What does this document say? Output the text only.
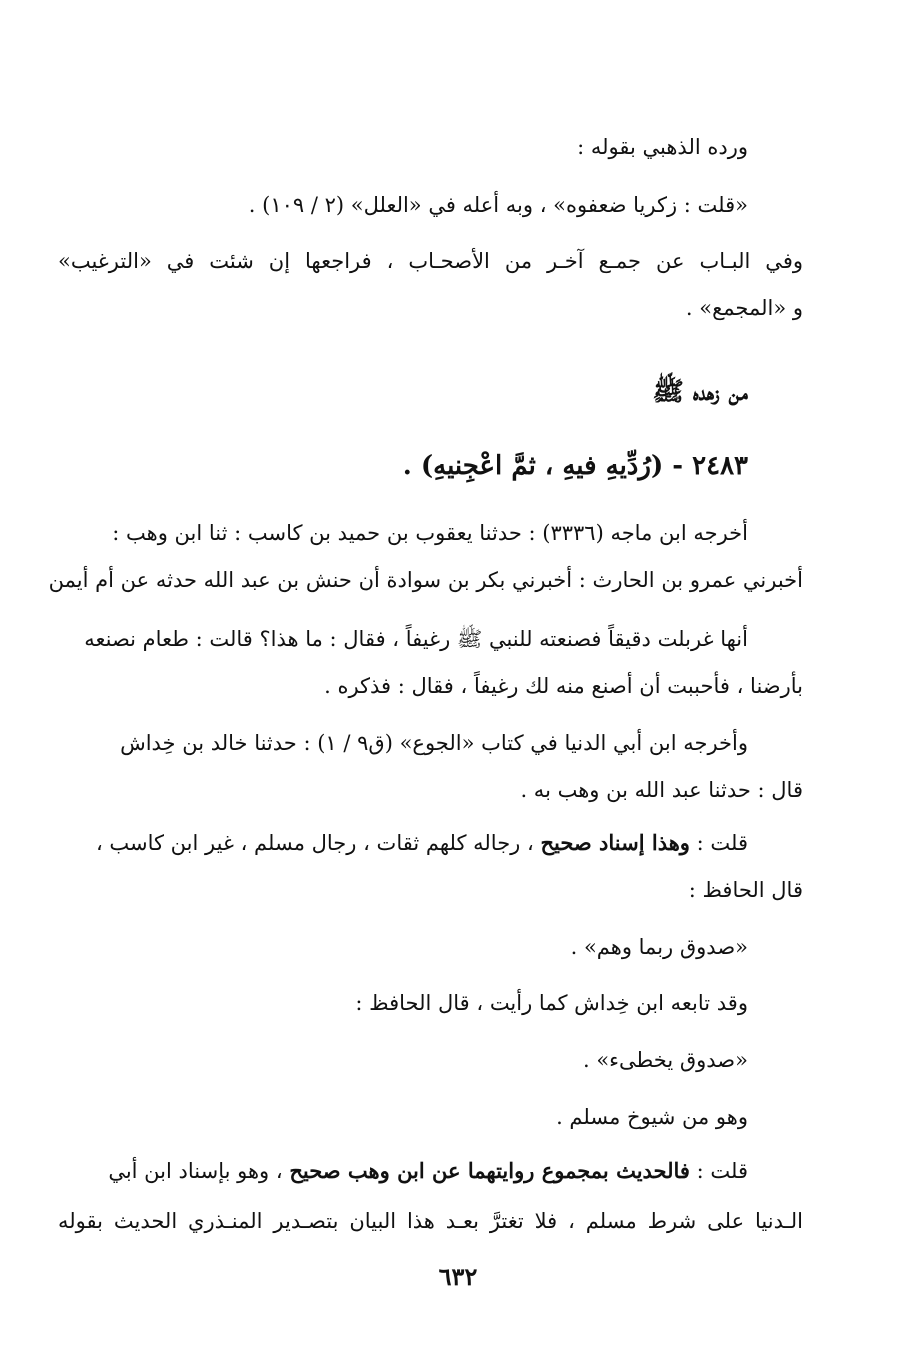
ورده الذهبي بقوله :
«قلت : زكريا ضعفوه» ، وبه أعله في «العلل» (٢ / ١٠٩) .
وفي البـاب عن جمـع آخـر من الأصحـاب ، فراجعها إن شئت في «الترغيب»
و «المجمع» .
من زهده ﷺ
٢٤٨٣ - (رُدِّيهِ فيهِ ، ثمَّ اعْجِنيهِ) .
أخرجه ابن ماجه (٣٣٣٦) : حدثنا يعقوب بن حميد بن كاسب : ثنا ابن وهب :
أخبرني عمرو بن الحارث : أخبرني بكر بن سوادة أن حنش بن عبد الله حدثه عن أم أيمن
أنها غربلت دقيقاً فصنعته للنبي ﷺ رغيفاً ، فقال : ما هذا؟ قالت : طعام نصنعه
بأرضنا ، فأحببت أن أصنع منه لك رغيفاً ، فقال : فذكره .
وأخرجه ابن أبي الدنيا في كتاب «الجوع» (ق٩ / ١) : حدثنا خالد بن خِداش
قال : حدثنا عبد الله بن وهب به .
قلت : وهذا إسناد صحيح ، رجاله كلهم ثقات ، رجال مسلم ، غير ابن كاسب ،
قال الحافظ :
«صدوق ربما وهم» .
وقد تابعه ابن خِداش كما رأيت ، قال الحافظ :
«صدوق يخطىء» .
وهو من شيوخ مسلم .
قلت : فالحديث بمجموع روايتهما عن ابن وهب صحيح ، وهو بإسناد ابن أبي
الـدنيا على شرط مسلم ، فلا تغترَّ بعـد هذا البيان بتصـدير المنـذري الحديث بقوله
٦٣٢
